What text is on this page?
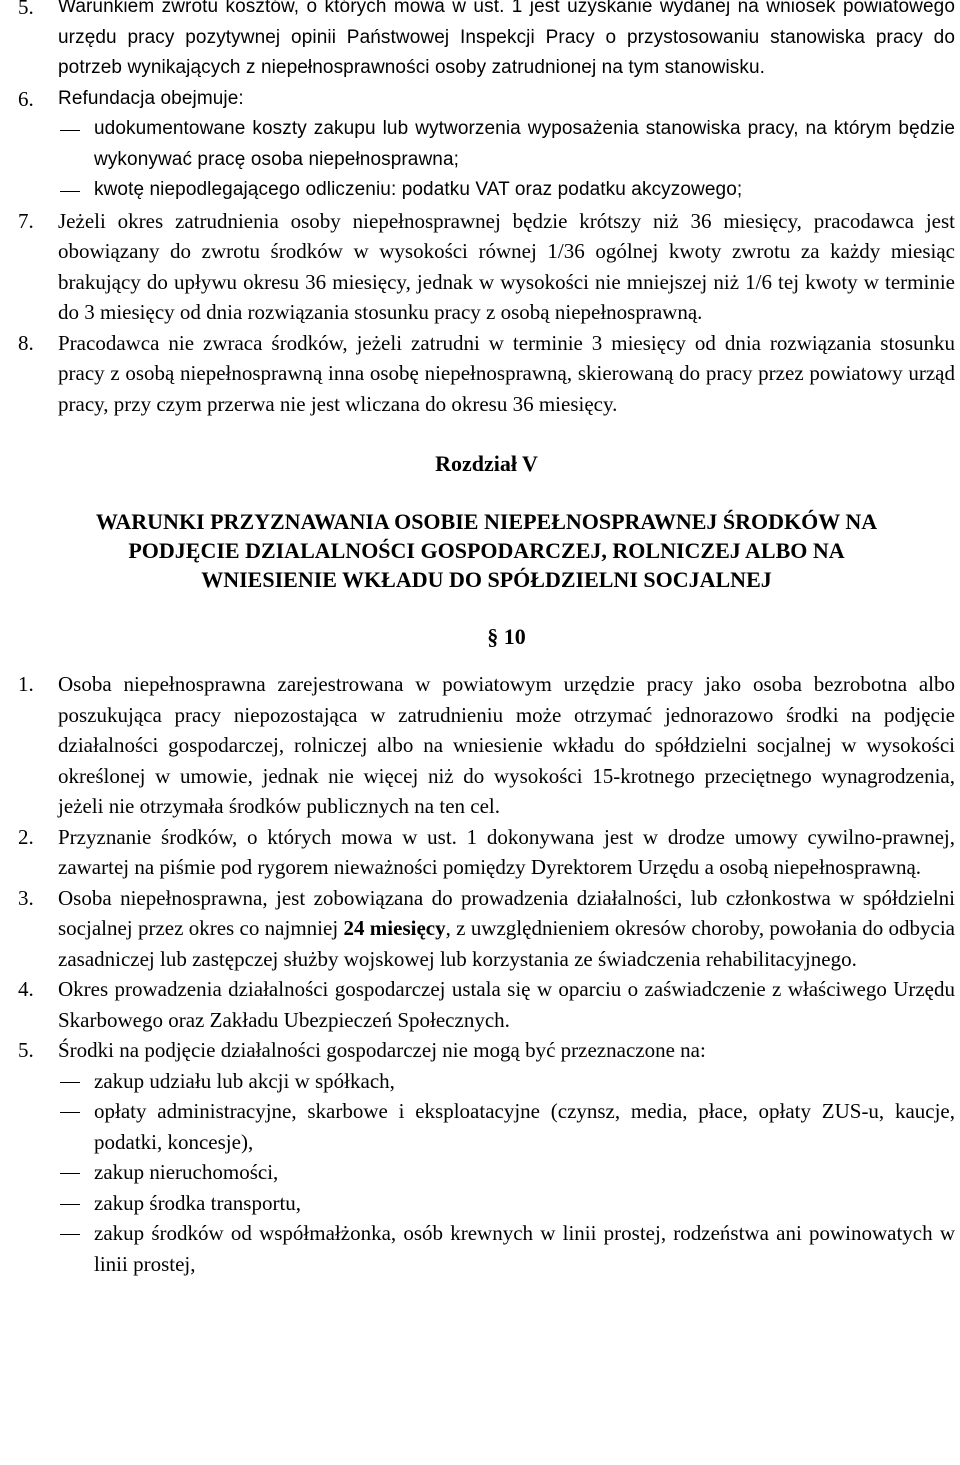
5.	Warunkiem zwrotu kosztów, o których mowa w ust. 1 jest uzyskanie wydanej na wniosek powiatowego urzędu pracy pozytywnej opinii Państwowej Inspekcji Pracy o przystosowaniu stanowiska pracy do potrzeb wynikających z niepełnosprawności osoby zatrudnionej na tym stanowisku.
6.	Refundacja obejmuje:
udokumentowane koszty zakupu lub wytworzenia wyposażenia stanowiska pracy, na którym będzie wykonywać pracę osoba niepełnosprawna;
kwotę niepodlegającego odliczeniu: podatku VAT oraz podatku akcyzowego;
7.	Jeżeli okres zatrudnienia osoby niepełnosprawnej będzie krótszy niż 36 miesięcy, pracodawca jest obowiązany do zwrotu środków w wysokości równej 1/36 ogólnej kwoty zwrotu za każdy miesiąc brakujący do upływu okresu 36 miesięcy, jednak w wysokości nie mniejszej niż 1/6 tej kwoty w terminie do 3 miesięcy od dnia rozwiązania stosunku pracy z osobą niepełnosprawną.
8.	Pracodawca nie zwraca środków, jeżeli zatrudni w terminie 3 miesięcy od dnia rozwiązania stosunku pracy z osobą niepełnosprawną inna osobę niepełnosprawną, skierowaną do pracy przez powiatowy urząd pracy, przy czym przerwa nie jest wliczana do okresu 36 miesięcy.
Rozdział V
WARUNKI PRZYZNAWANIA OSOBIE NIEPEŁNOSPRAWNEJ ŚRODKÓW NA
PODJĘCIE DZIALALNOŚCI GOSPODARCZEJ, ROLNICZEJ ALBO NA
WNIESIENIE WKŁADU DO SPÓŁDZIELNI SOCJALNEJ
§ 10
1.	Osoba niepełnosprawna zarejestrowana w powiatowym urzędzie pracy jako osoba bezrobotna albo poszukująca pracy niepozostająca w zatrudnieniu może otrzymać jednorazowo środki na podjęcie działalności gospodarczej, rolniczej albo na wniesienie wkładu do spółdzielni socjalnej w wysokości określonej w umowie, jednak nie więcej niż do wysokości 15-krotnego przeciętnego wynagrodzenia, jeżeli nie otrzymała środków publicznych na ten cel.
2.	Przyznanie środków, o których mowa w ust. 1 dokonywana jest w drodze umowy cywilno-prawnej, zawartej na piśmie pod rygorem nieważności pomiędzy Dyrektorem Urzędu a osobą niepełnosprawną.
3.	Osoba niepełnosprawna, jest zobowiązana do prowadzenia działalności, lub członkostwa w spółdzielni socjalnej przez okres co najmniej 24 miesięcy, z uwzględnieniem okresów choroby, powołania do odbycia zasadniczej lub zastępczej służby wojskowej lub korzystania ze świadczenia rehabilitacyjnego.
4.	Okres prowadzenia działalności gospodarczej ustala się w oparciu o zaświadczenie z właściwego Urzędu Skarbowego oraz Zakładu Ubezpieczeń Społecznych.
5.	Środki na podjęcie działalności gospodarczej nie mogą być przeznaczone na:
zakup udziału lub akcji w spółkach,
opłaty administracyjne, skarbowe i eksploatacyjne (czynsz, media, płace, opłaty ZUS-u, kaucje, podatki, koncesje),
zakup nieruchomości,
zakup środka transportu,
zakup środków od współmałżonka, osób krewnych w linii prostej, rodzeństwa ani powinowatych w linii prostej,
